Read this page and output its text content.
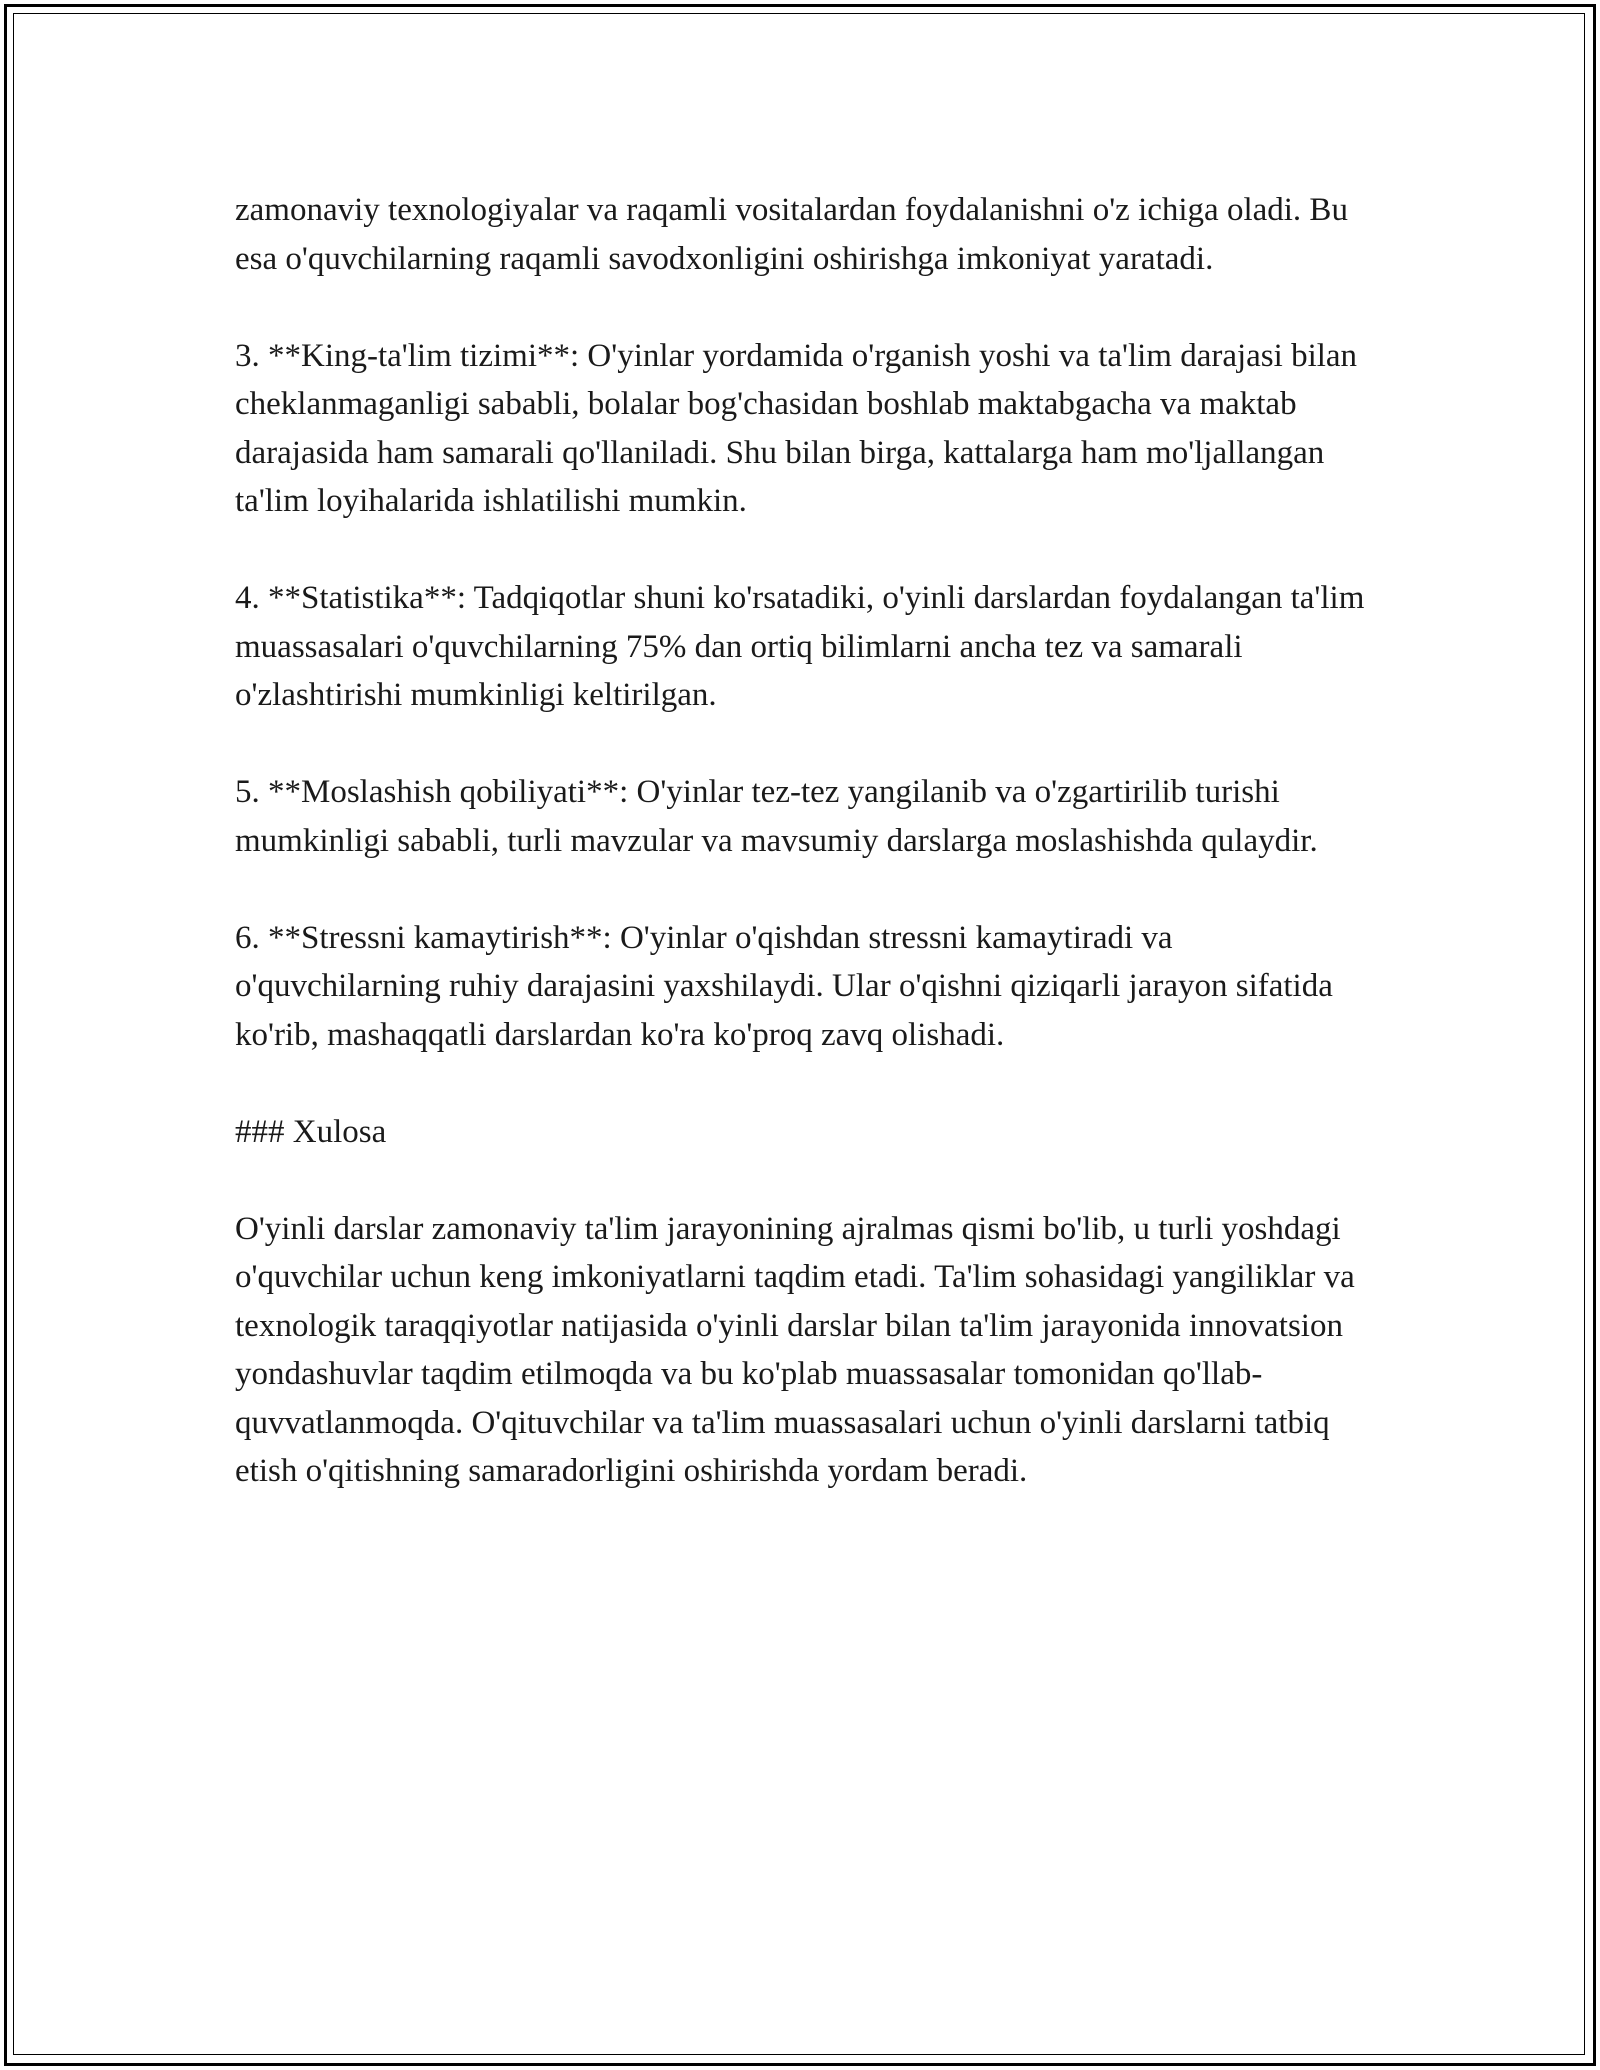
zamonaviy texnologiyalar va raqamli vositalardan foydalanishni o'z ichiga oladi. Bu esa o'quvchilarning raqamli savodxonligini oshirishga imkoniyat yaratadi.

3. **King-ta'lim tizimi**: O'yinlar yordamida o'rganish yoshi va ta'lim darajasi bilan cheklanmaganligi sababli, bolalar bog'chasidan boshlab maktabgacha va maktab darajasida ham samarali qo'llaniladi. Shu bilan birga, kattalarga ham mo'ljallangan ta'lim loyihalarida ishlatilishi mumkin.

4. **Statistika**: Tadqiqotlar shuni ko'rsatadiki, o'yinli darslardan foydalangan ta'lim muassasalari o'quvchilarning 75% dan ortiq bilimlarni ancha tez va samarali o'zlashtirishi mumkinligi keltirilgan.

5. **Moslashish qobiliyati**: O'yinlar tez-tez yangilanib va o'zgartirilib turishi mumkinligi sababli, turli mavzular va mavsumiy darslarga moslashishda qulaydir.

6. **Stressni kamaytirish**: O'yinlar o'qishdan stressni kamaytiradi va o'quvchilarning ruhiy darajasini yaxshilaydi. Ular o'qishni qiziqarli jarayon sifatida ko'rib, mashaqqatli darslardan ko'ra ko'proq zavq olishadi.

### Xulosa

O'yinli darslar zamonaviy ta'lim jarayonining ajralmas qismi bo'lib, u turli yoshdagi o'quvchilar uchun keng imkoniyatlarni taqdim etadi. Ta'lim sohasidagi yangiliklar va texnologik taraqqiyotlar natijasida o'yinli darslar bilan ta'lim jarayonida innovatsion yondashuvlar taqdim etilmoqda va bu ko'plab muassasalar tomonidan qo'llab-quvvatlanmoqda. O'qituvchilar va ta'lim muassasalari uchun o'yinli darslarni tatbiq etish o'qitishning samaradorligini oshirishda yordam beradi.
